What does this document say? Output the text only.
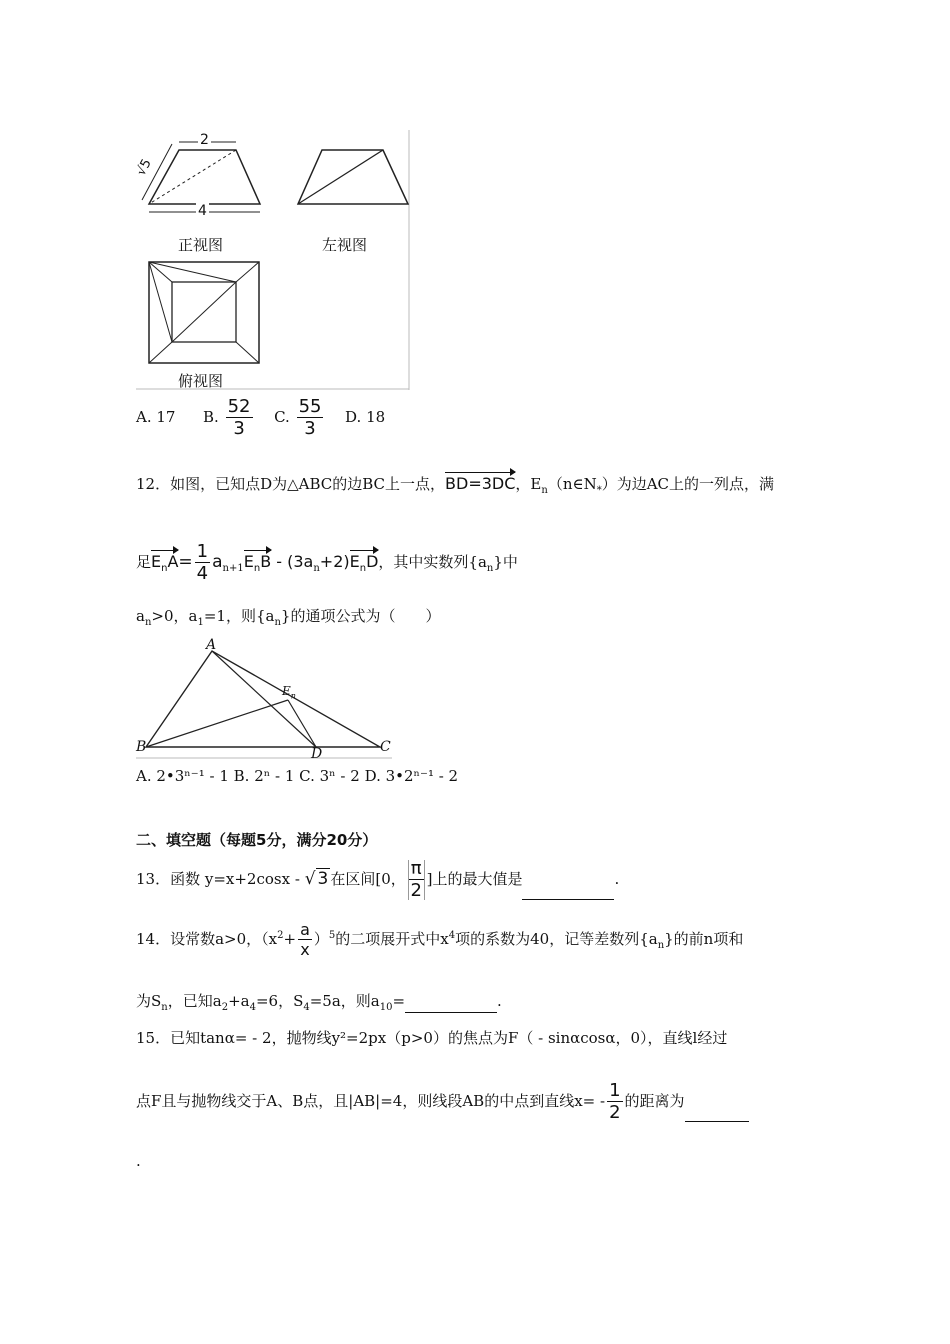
2
4
√5
正视图	左视图
俯视图
A. 17 B. $\frac{52}{3} C$. $\frac{55}{3} D$. 18
12．如图，已知点D为△ABC的边BC上一点，BD=3DC，$E_n(n\in N_*)$为边AC上的一列点，满
足$E_nA= \frac{1}{4} a_{n+1}E_nB - (3a_n+2)E_nD$，其中实数列$\{a_n\}$中
$a_n>0$，$a_1=1$，则$\{a_n\}$的通项公式为（　　）
A
B	C
D
$E_n$
A. 2•3ⁿ⁻¹ - 1 B. 2ⁿ - 1 C. 3ⁿ - 2 D. 3•2ⁿ⁻¹ - 2
二、填空题（每题5分，满分20分）
13．函数 y=x+2cosx - √ 3 在区间[0， $\frac{\pi}{2}$ ]上的最大值是	.
14．设常数a>0，$(x^2+ \frac{a}{x} )^5$的二项展开式中$x^4$项的系数为40，记等差数列$\{a_n\}$的前n项和
为$S_n$，已知$a_2+a_4=6$，$S_4=5a$，则$a_{10}=$	.
15．已知tanα= - 2，抛物线y²=2px（p>0）的焦点为F（ - sinαcosα，0），直线l经过
点F且与抛物线交于A、B点，且|AB|=4，则线段AB的中点到直线$x= - \frac{1}{2}$ 的距离为
.
